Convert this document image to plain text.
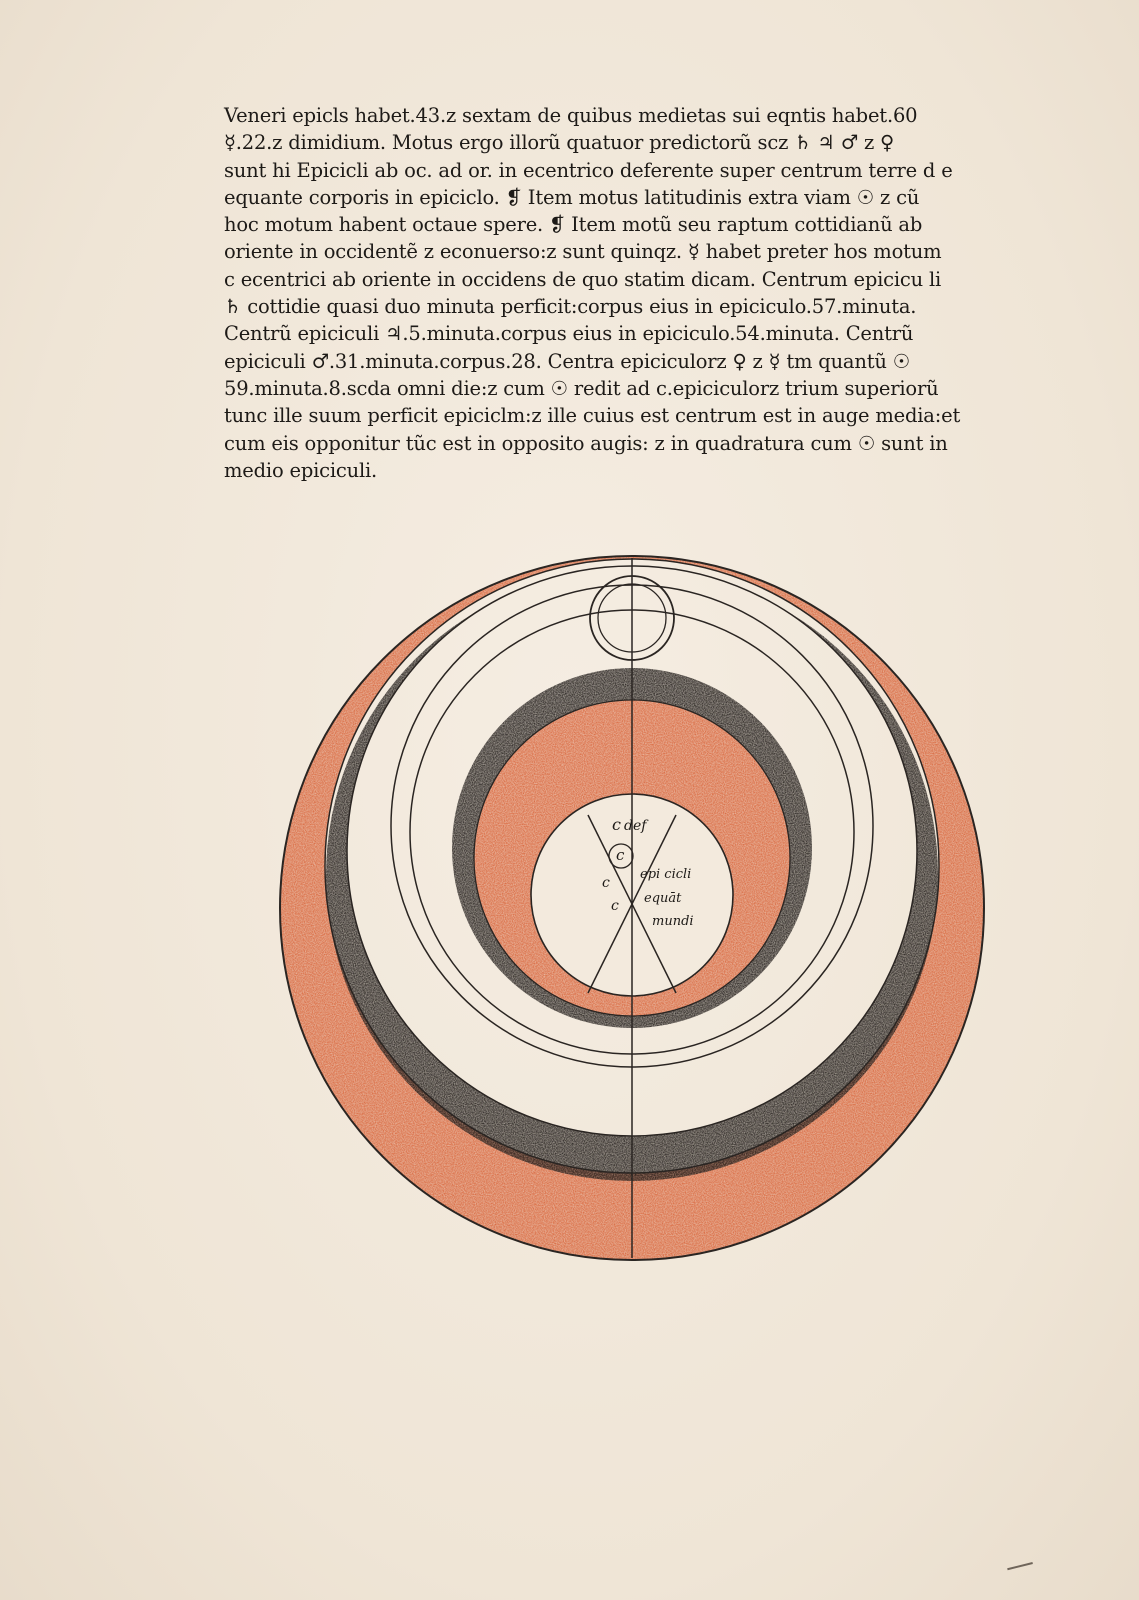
Veneri epicls habet.43.z sextam de quibus medietas sui eqntis habet.60
☿.22.z dimidium. Motus ergo illorũ quatuor predictorũ scz ♄ ♃ ♂ z ♀
sunt hi Epicicli ab oc. ad or. in ecentrico deferente super centrum terre d e
equante corporis in epiciclo. ❡ Item motus latitudinis extra viam ☉ z cũ
hoc motum habent octaue spere. ❡ Item motũ seu raptum cottidianũ ab
oriente in occidentẽ z econuerso:z sunt quinqz. ☿ habet preter hos motum
c ecentrici ab oriente in occidens de quo statim dicam. Centrum epicicu li
♄ cottidie quasi duo minuta perficit:corpus eius in epiciculo.57.minuta.
Centrũ epiciculi ♃.5.minuta.corpus eius in epiciculo.54.minuta. Centrũ
epiciculi ♂.31.minuta.corpus.28. Centra epiciculorz ♀ z ☿ tm quantũ ☉
59.minuta.8.scda omni die:z cum ☉ redit ad c.epiciculorz trium superiorũ
tunc ille suum perficit epiciclm:z ille cuius est centrum est in auge media:et
cum eis opponitur tũc est in opposito augis: z in quadratura cum ☉ sunt in
medio epiciculi.
c def
c
c
c
epi cicli
equāt
mundi
